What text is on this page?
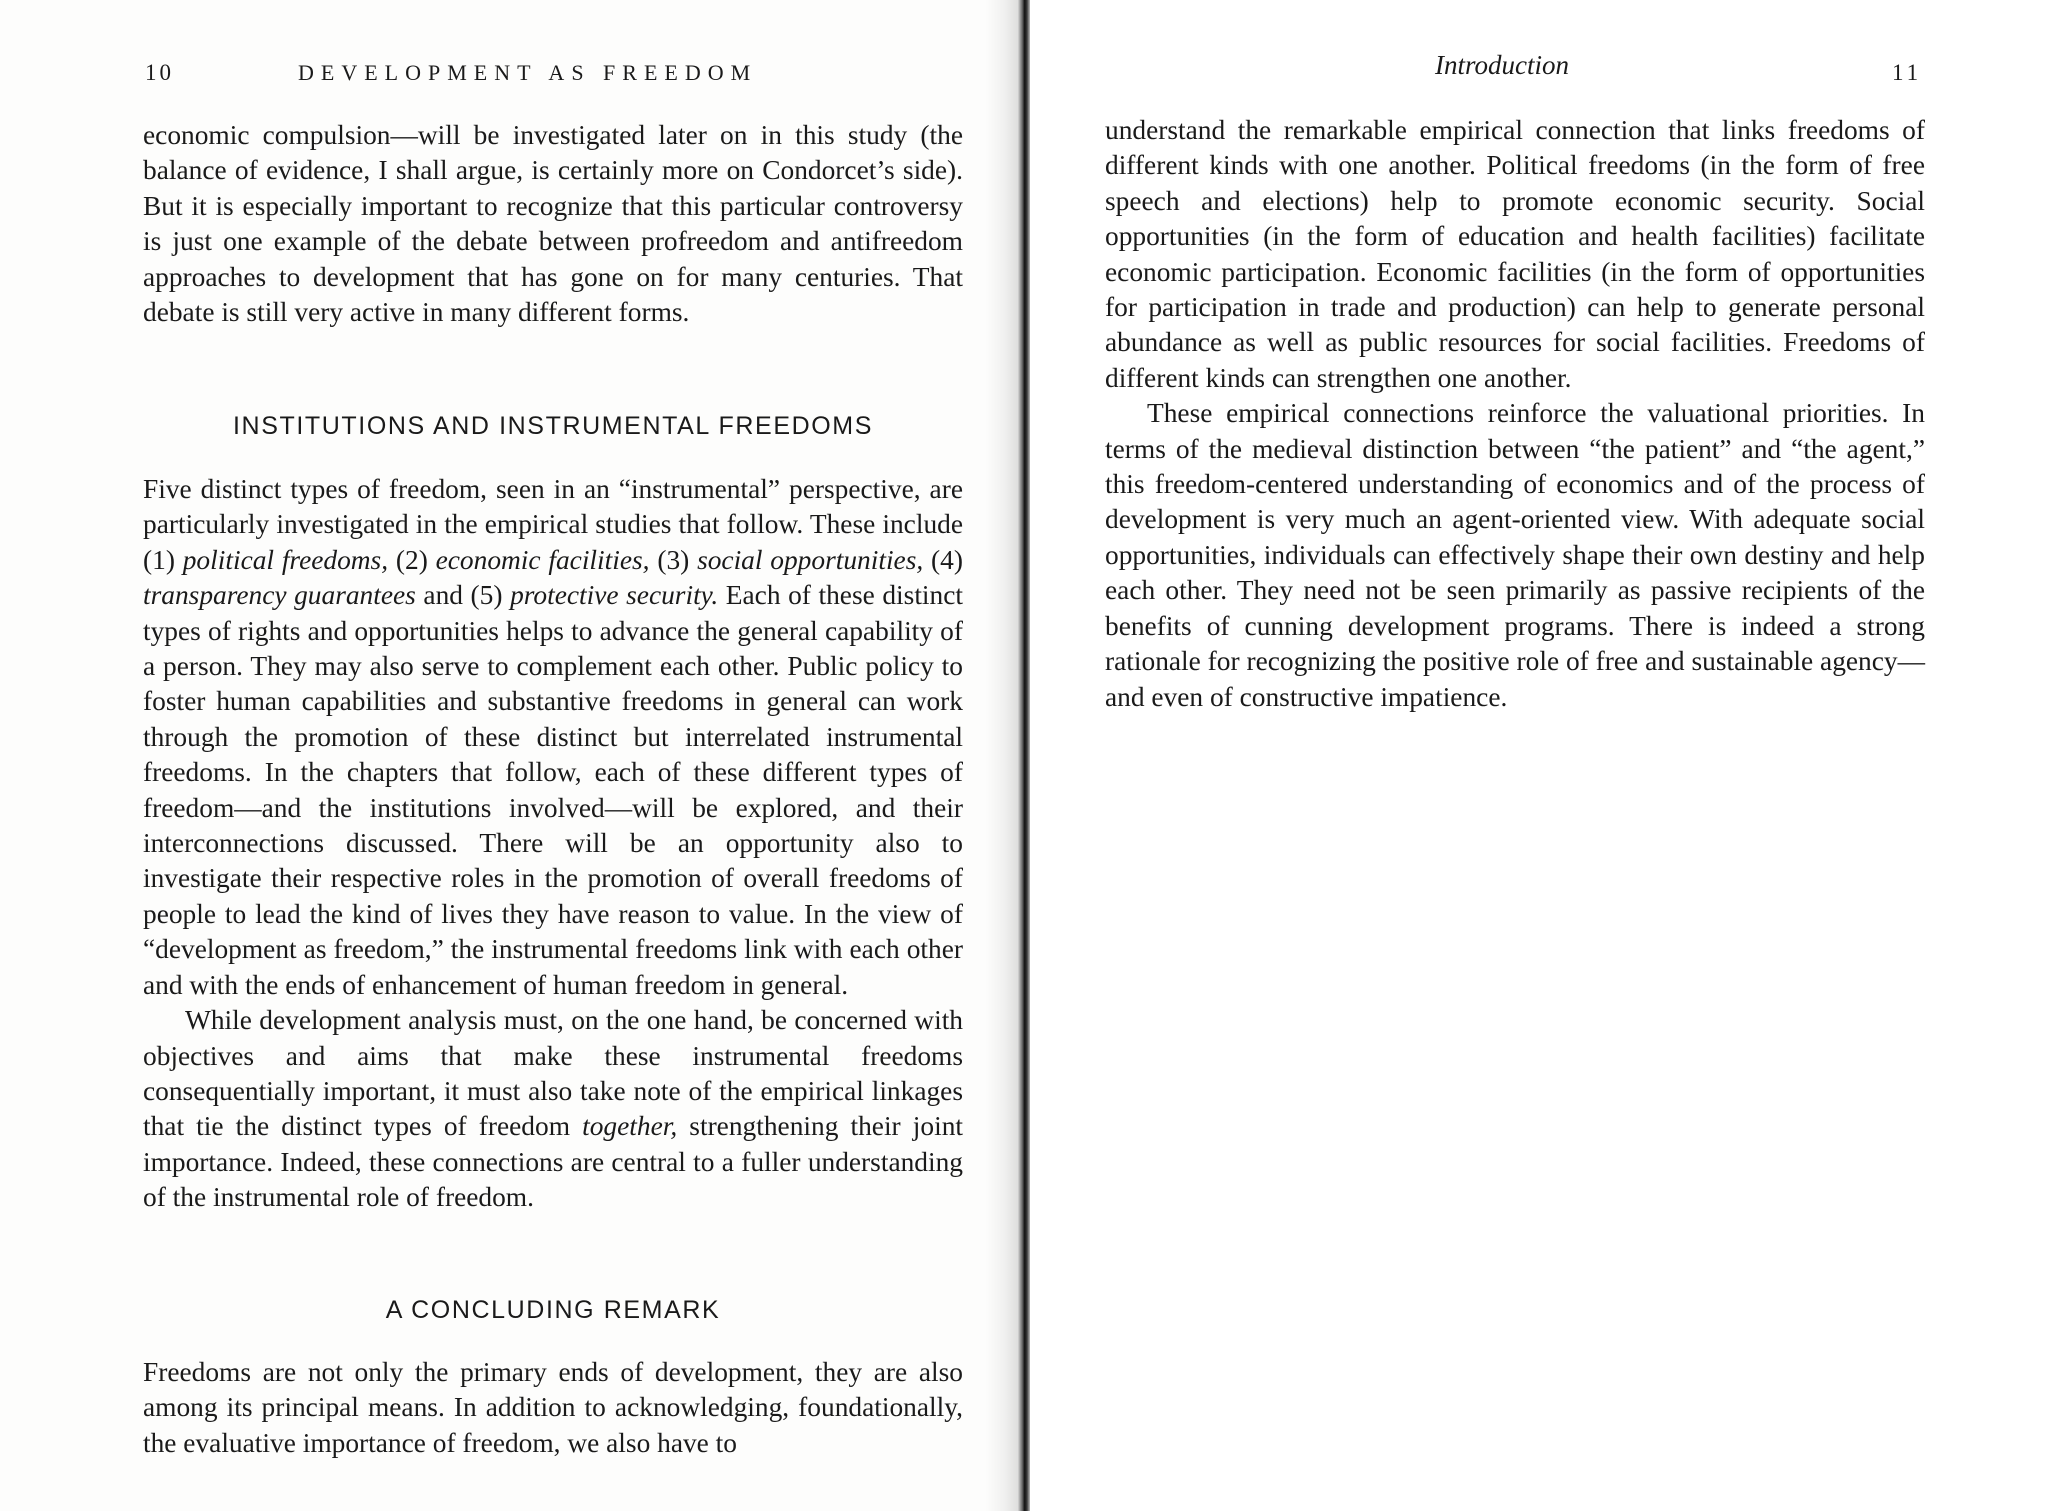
10	DEVELOPMENT AS FREEDOM

economic compulsion—will be investigated later on in this study (the balance of evidence, I shall argue, is certainly more on Condorcet’s side). But it is especially important to recognize that this particular controversy is just one example of the debate between profreedom and antifreedom approaches to development that has gone on for many centuries. That debate is still very active in many different forms.

INSTITUTIONS AND INSTRUMENTAL FREEDOMS

Five distinct types of freedom, seen in an “instrumental” perspective, are particularly investigated in the empirical studies that follow. These include (1) political freedoms, (2) economic facilities, (3) social opportunities, (4) transparency guarantees and (5) protective security. Each of these distinct types of rights and opportunities helps to advance the general capability of a person. They may also serve to complement each other. Public policy to foster human capabilities and substantive freedoms in general can work through the promotion of these distinct but interrelated instrumental freedoms. In the chapters that follow, each of these different types of freedom—and the institutions involved—will be explored, and their interconnections discussed. There will be an opportunity also to investigate their respective roles in the promotion of overall freedoms of people to lead the kind of lives they have reason to value. In the view of “development as freedom,” the instrumental freedoms link with each other and with the ends of enhancement of human freedom in general.

While development analysis must, on the one hand, be concerned with objectives and aims that make these instrumental freedoms consequentially important, it must also take note of the empirical linkages that tie the distinct types of freedom together, strengthening their joint importance. Indeed, these connections are central to a fuller understanding of the instrumental role of freedom.

A CONCLUDING REMARK

Freedoms are not only the primary ends of development, they are also among its principal means. In addition to acknowledging, foundationally, the evaluative importance of freedom, we also have to

Introduction	11

understand the remarkable empirical connection that links freedoms of different kinds with one another. Political freedoms (in the form of free speech and elections) help to promote economic security. Social opportunities (in the form of education and health facilities) facilitate economic participation. Economic facilities (in the form of opportunities for participation in trade and production) can help to generate personal abundance as well as public resources for social facilities. Freedoms of different kinds can strengthen one another.

These empirical connections reinforce the valuational priorities. In terms of the medieval distinction between “the patient” and “the agent,” this freedom-centered understanding of economics and of the process of development is very much an agent-oriented view. With adequate social opportunities, individuals can effectively shape their own destiny and help each other. They need not be seen primarily as passive recipients of the benefits of cunning development programs. There is indeed a strong rationale for recognizing the positive role of free and sustainable agency—and even of constructive impatience.
